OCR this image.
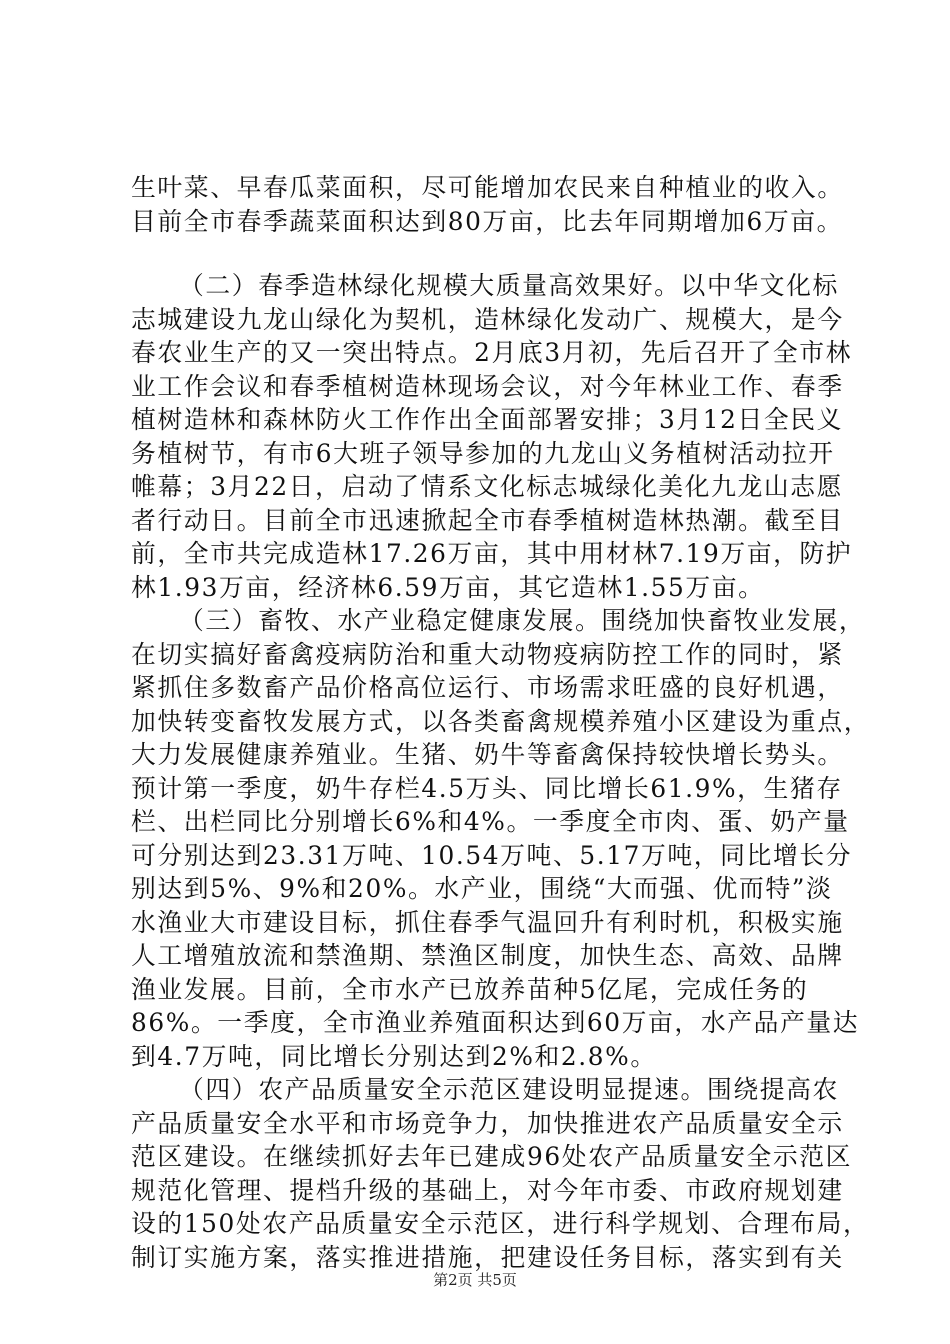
生叶菜、早春瓜菜面积，尽可能增加农民来自种植业的收入。
目前全市春季蔬菜面积达到80万亩，比去年同期增加6万亩。
（二）春季造林绿化规模大质量高效果好。以中华文化标
志城建设九龙山绿化为契机，造林绿化发动广、规模大，是今
春农业生产的又一突出特点。2月底3月初，先后召开了全市林
业工作会议和春季植树造林现场会议，对今年林业工作、春季
植树造林和森林防火工作作出全面部署安排；3月12日全民义
务植树节，有市6大班子领导参加的九龙山义务植树活动拉开
帷幕；3月22日，启动了情系文化标志城绿化美化九龙山志愿
者行动日。目前全市迅速掀起全市春季植树造林热潮。截至目
前，全市共完成造林17.26万亩，其中用材林7.19万亩，防护
林1.93万亩，经济林6.59万亩，其它造林1.55万亩。
（三）畜牧、水产业稳定健康发展。围绕加快畜牧业发展，
在切实搞好畜禽疫病防治和重大动物疫病防控工作的同时，紧
紧抓住多数畜产品价格高位运行、市场需求旺盛的良好机遇，
加快转变畜牧发展方式，以各类畜禽规模养殖小区建设为重点，
大力发展健康养殖业。生猪、奶牛等畜禽保持较快增长势头。
预计第一季度，奶牛存栏4.5万头、同比增长61.9%，生猪存
栏、出栏同比分别增长6%和4%。一季度全市肉、蛋、奶产量
可分别达到23.31万吨、10.54万吨、5.17万吨，同比增长分
别达到5%、9%和20%。水产业，围绕“大而强、优而特”淡
水渔业大市建设目标，抓住春季气温回升有利时机，积极实施
人工增殖放流和禁渔期、禁渔区制度，加快生态、高效、品牌
渔业发展。目前，全市水产已放养苗种5亿尾，完成任务的
86%。一季度，全市渔业养殖面积达到60万亩，水产品产量达
到4.7万吨，同比增长分别达到2%和2.8%。
（四）农产品质量安全示范区建设明显提速。围绕提高农
产品质量安全水平和市场竞争力，加快推进农产品质量安全示
范区建设。在继续抓好去年已建成96处农产品质量安全示范区
规范化管理、提档升级的基础上，对今年市委、市政府规划建
设的150处农产品质量安全示范区，进行科学规划、合理布局，
制订实施方案，落实推进措施，把建设任务目标，落实到有关
第2页 共5页
